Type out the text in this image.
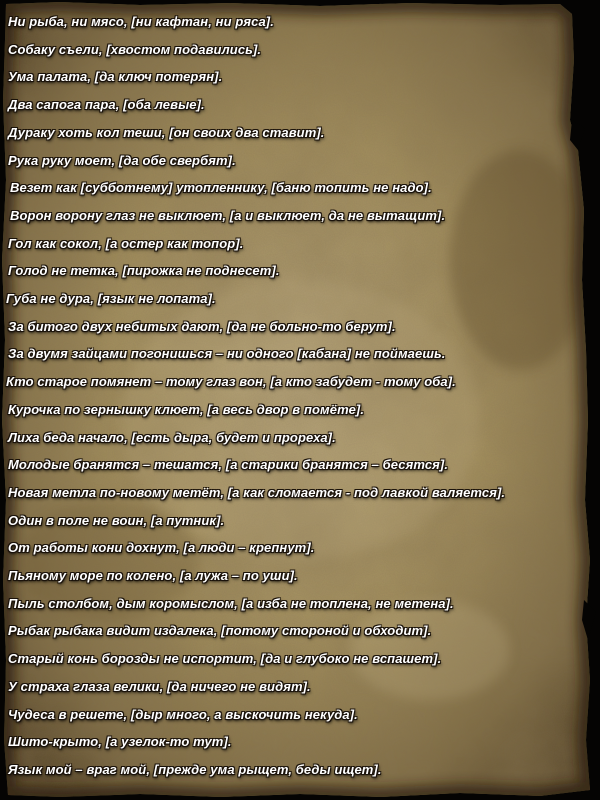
Ни рыба, ни мясо, [ни кафтан, ни ряса].
Собаку съели, [хвостом подавились].
Ума палата, [да ключ потерян].
Два сапога пара, [оба левые].
Дураку хоть кол теши, [он своих два ставит].
Рука руку моет, [да обе свербят].
Везет как [субботнему] утопленнику, [баню топить не надо].
Ворон ворону глаз не выклюет, [а и выклюет, да не вытащит].
Гол как сокол, [а остер как топор].
Голод не тетка, [пирожка не поднесет].
Губа не дура, [язык не лопата].
За битого двух небитых дают, [да не больно-то берут].
За двумя зайцами погонишься – ни одного [кабана] не поймаешь.
Кто старое помянет – тому глаз вон, [а кто забудет - тому оба].
Курочка по зернышку клюет, [а весь двор в помёте].
Лиха беда начало, [есть дыра, будет и прореха].
Молодые бранятся – тешатся, [а старики бранятся – бесятся].
Новая метла по-новому метёт, [а как сломается - под лавкой валяется].
Один в поле не воин, [а путник].
От работы кони дохнут, [а люди – крепнут].
Пьяному море по колено, [а лужа – по уши].
Пыль столбом, дым коромыслом, [а изба не топлена, не метена].
Рыбак рыбака видит издалека, [потому стороной и обходит].
Старый конь борозды не испортит, [да и глубоко не вспашет].
У страха глаза велики, [да ничего не видят].
Чудеса в решете, [дыр много, а выскочить некуда].
Шито-крыто, [а узелок-то тут].
Язык мой – враг мой, [прежде ума рыщет, беды ищет].
